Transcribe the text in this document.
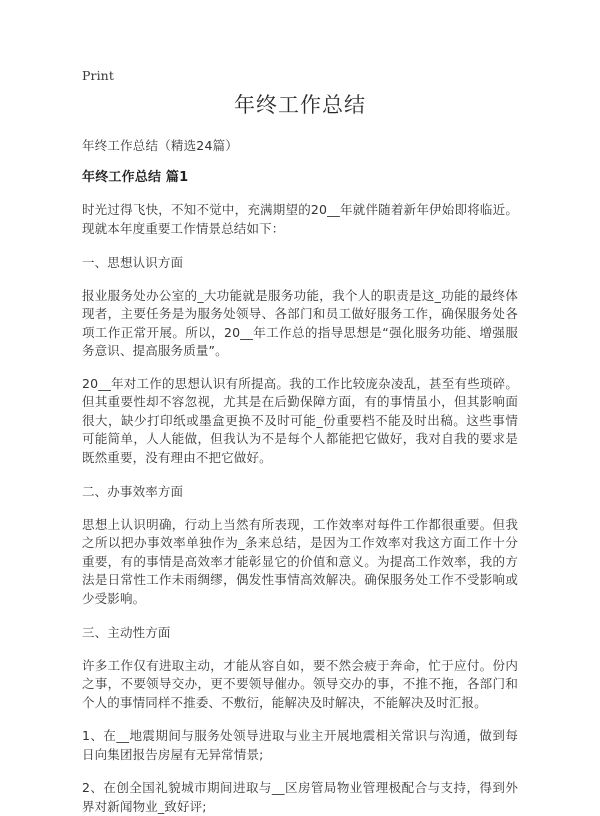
Print
年终工作总结
年终工作总结（精选24篇）
年终工作总结 篇1

时光过得飞快，不知不觉中，充满期望的20__年就伴随着新年伊始即将临近。现就本年度重要工作情景总结如下：

一、思想认识方面

报业服务处办公室的_大功能就是服务功能，我个人的职责是这_功能的最终体现者，主要任务是为服务处领导、各部门和员工做好服务工作，确保服务处各项工作正常开展。所以，20__年工作总的指导思想是“强化服务功能、增强服务意识、提高服务质量”。

20__年对工作的思想认识有所提高。我的工作比较庞杂凌乱，甚至有些琐碎。但其重要性却不容忽视，尤其是在后勤保障方面，有的事情虽小，但其影响面很大，缺少打印纸或墨盒更换不及时可能_份重要档不能及时出稿。这些事情可能简单，人人能做，但我认为不是每个人都能把它做好，我对自我的要求是既然重要，没有理由不把它做好。

二、办事效率方面

思想上认识明确，行动上当然有所表现，工作效率对每件工作都很重要。但我之所以把办事效率单独作为_条来总结，是因为工作效率对我这方面工作十分重要，有的事情是高效率才能彰显它的价值和意义。为提高工作效率，我的方法是日常性工作未雨绸缪，偶发性事情高效解决。确保服务处工作不受影响或少受影响。

三、主动性方面

许多工作仅有进取主动，才能从容自如，要不然会疲于奔命，忙于应付。份内之事，不要领导交办，更不要领导催办。领导交办的事，不推不拖，各部门和个人的事情同样不推委、不敷衍，能解决及时解决，不能解决及时汇报。

1、在__地震期间与服务处领导进取与业主开展地震相关常识与沟通，做到每日向集团报告房屋有无异常情景;

2、在创全国礼貌城市期间进取与__区房管局物业管理极配合与支持，得到外界对新闻物业_致好评;
